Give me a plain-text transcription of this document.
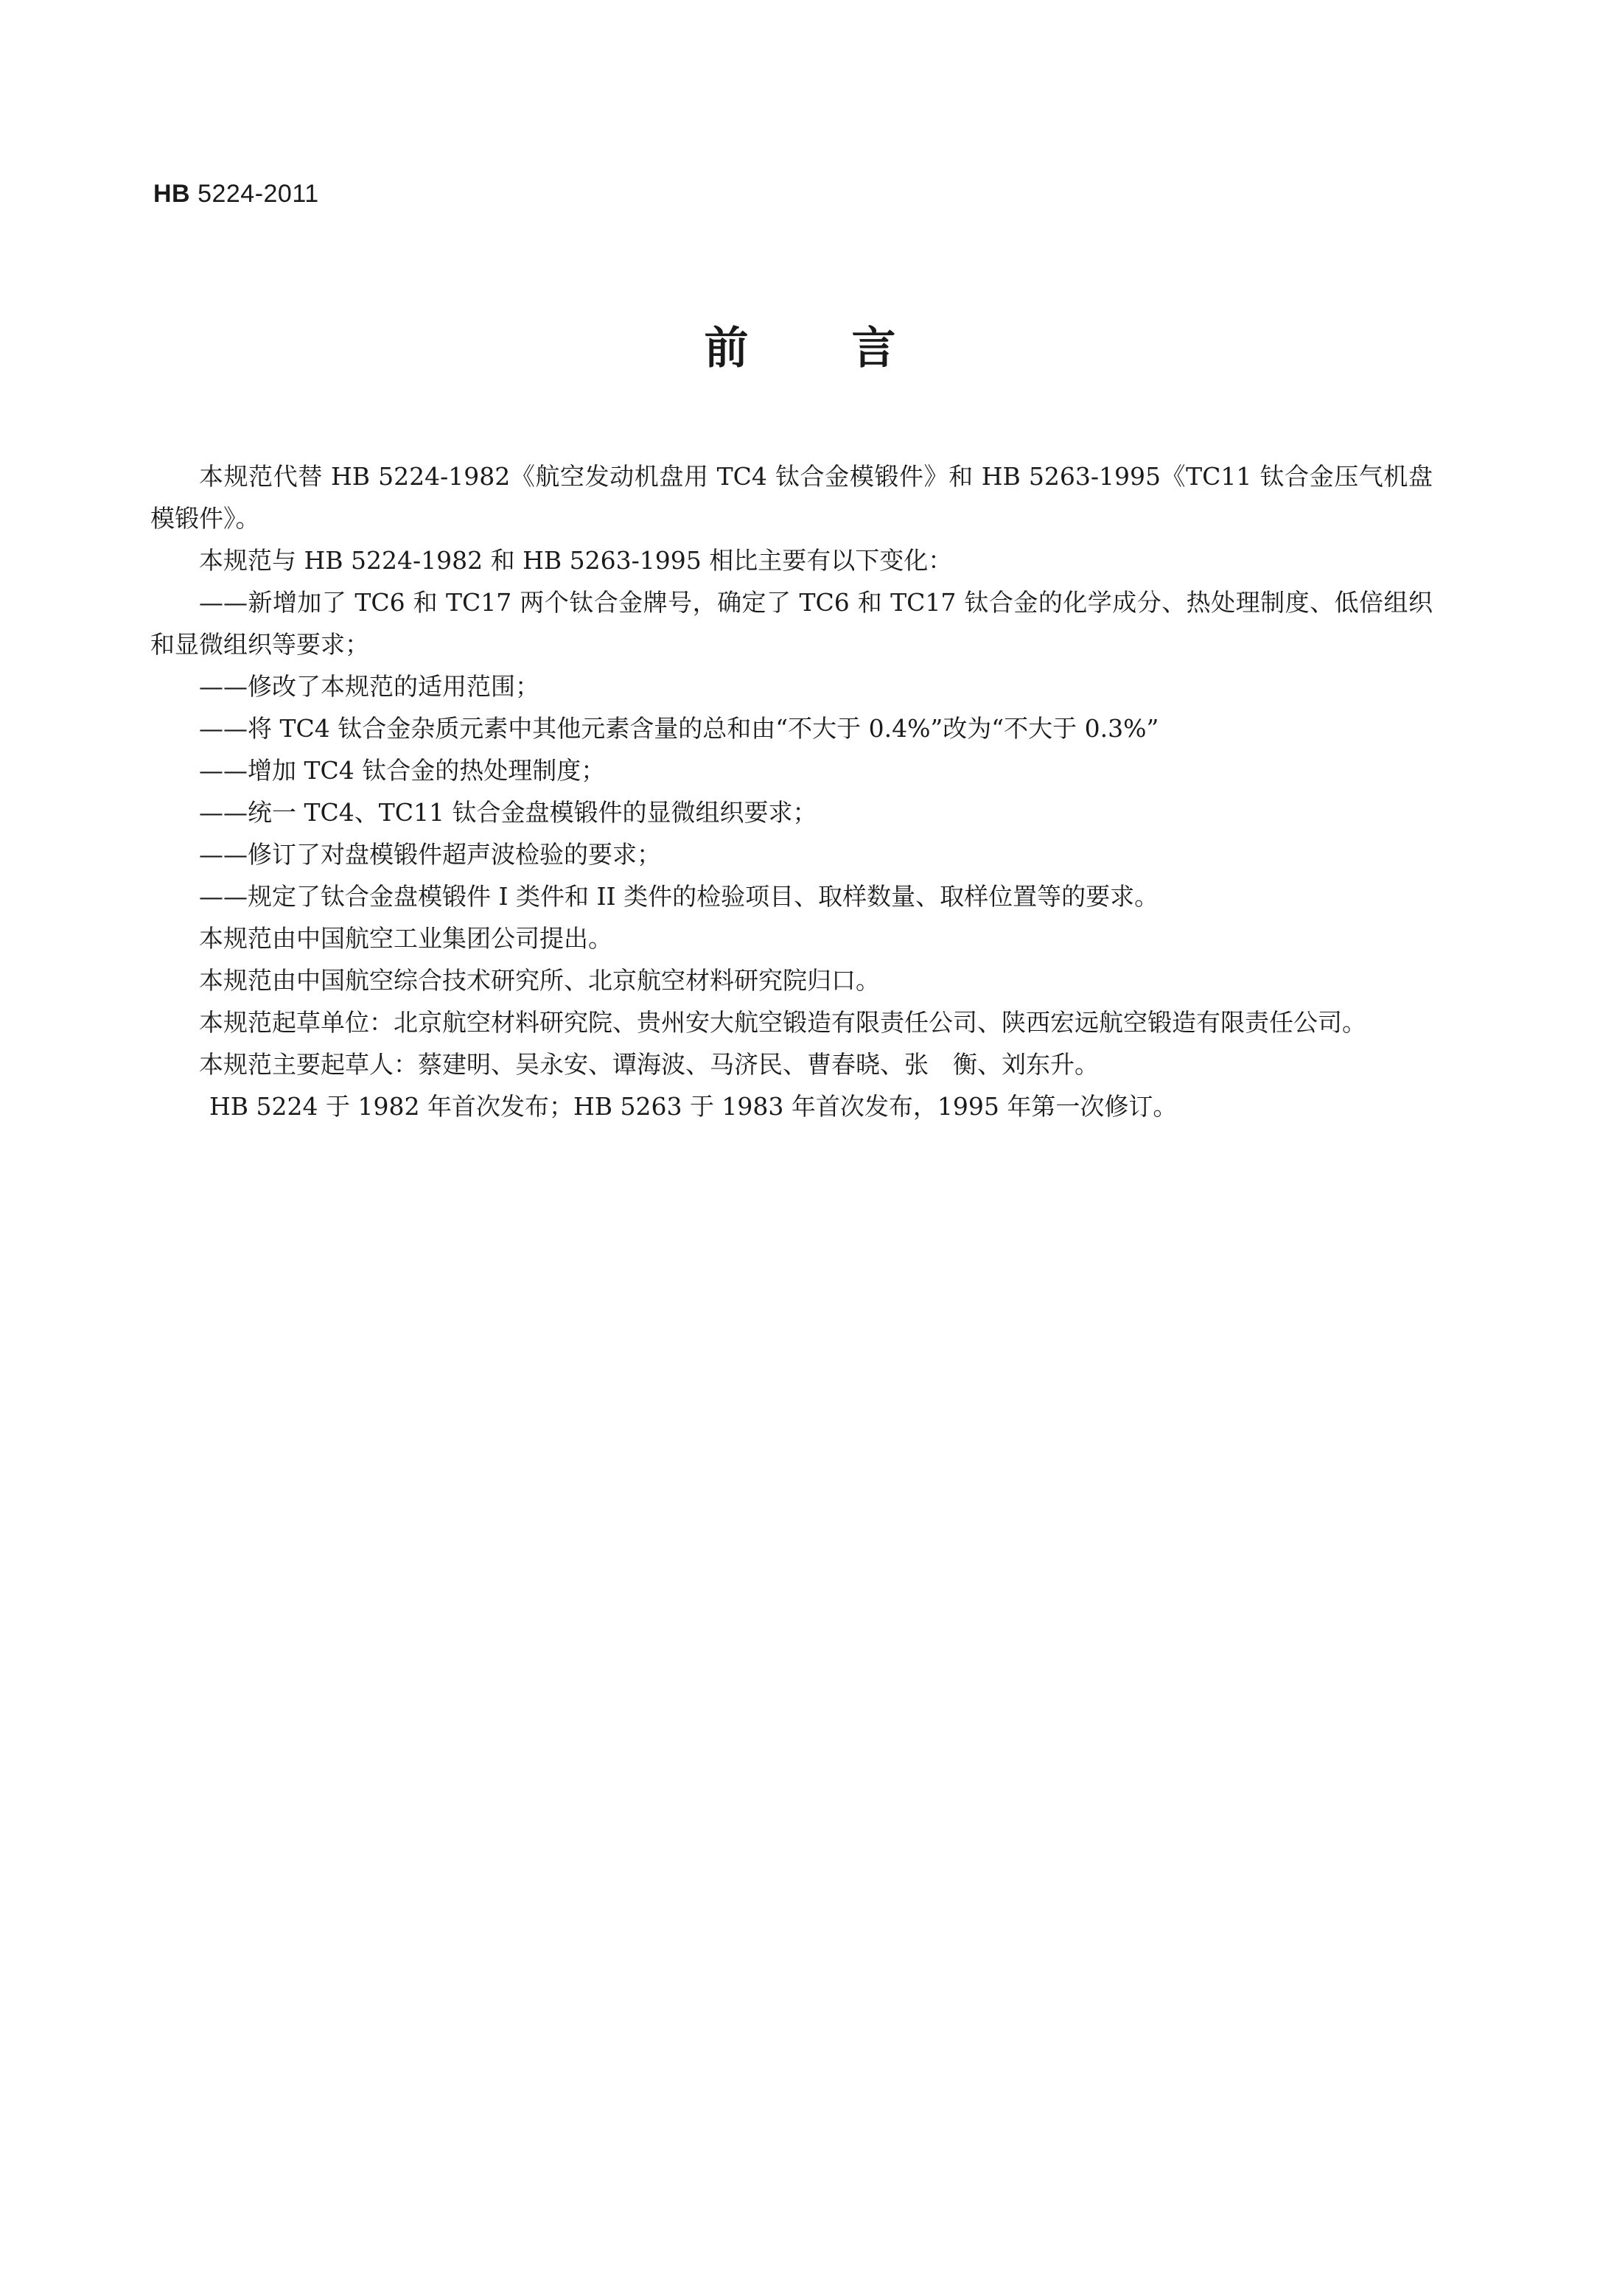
HB 5224-2011
前言

本规范代替 HB 5224-1982《航空发动机盘用 TC4 钛合金模锻件》和 HB 5263-1995《TC11 钛合金压气机盘模锻件》。

本规范与 HB 5224-1982 和 HB 5263-1995 相比主要有以下变化：

——新增加了 TC6 和 TC17 两个钛合金牌号，确定了 TC6 和 TC17 钛合金的化学成分、热处理制度、低倍组织和显微组织等要求；

——修改了本规范的适用范围；

——将 TC4 钛合金杂质元素中其他元素含量的总和由“不大于 0.4%”改为“不大于 0.3%”

——增加 TC4 钛合金的热处理制度；

——统一 TC4、TC11 钛合金盘模锻件的显微组织要求；

——修订了对盘模锻件超声波检验的要求；

——规定了钛合金盘模锻件 I 类件和 II 类件的检验项目、取样数量、取样位置等的要求。

本规范由中国航空工业集团公司提出。

本规范由中国航空综合技术研究所、北京航空材料研究院归口。

本规范起草单位：北京航空材料研究院、贵州安大航空锻造有限责任公司、陕西宏远航空锻造有限责任公司。

本规范主要起草人：蔡建明、吴永安、谭海波、马济民、曹春晓、张　衡、刘东升。

HB 5224 于 1982 年首次发布；HB 5263 于 1983 年首次发布，1995 年第一次修订。
